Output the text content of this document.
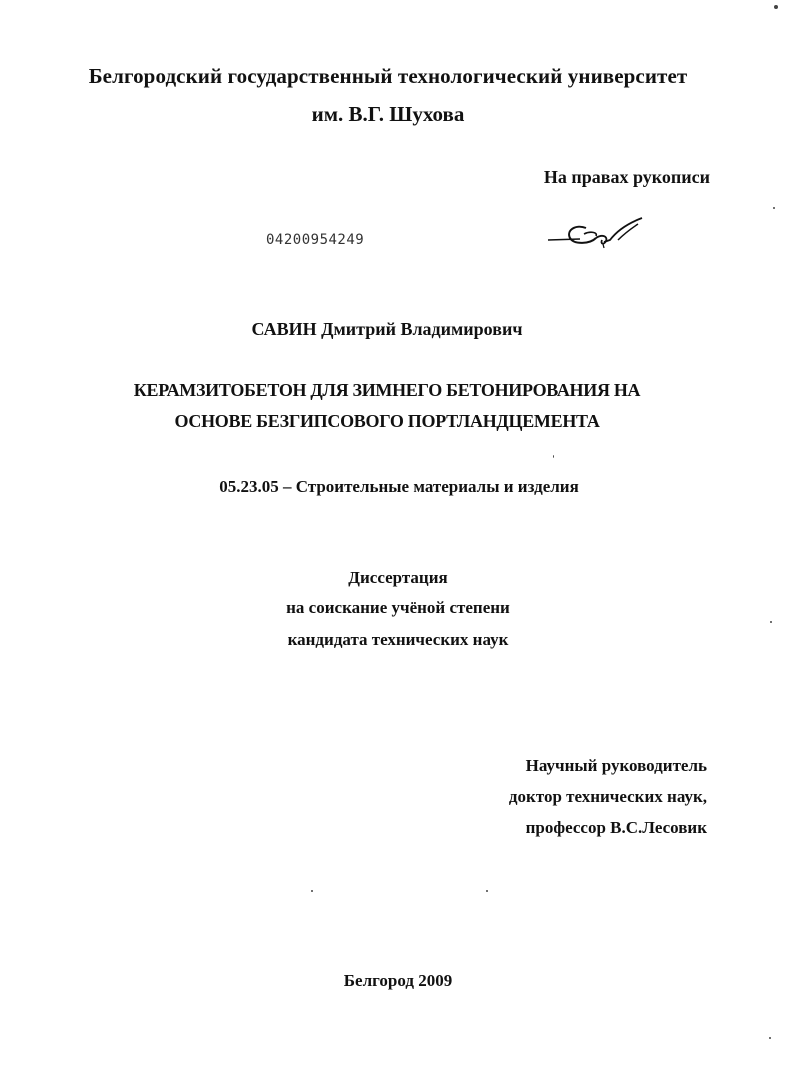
Белгородский государственный технологический университет
им. В.Г. Шухова
На правах рукописи
04200954249
САВИН Дмитрий Владимирович
КЕРАМЗИТОБЕТОН ДЛЯ ЗИМНЕГО БЕТОНИРОВАНИЯ НА
ОСНОВЕ БЕЗГИПСОВОГО ПОРТЛАНДЦЕМЕНТА
05.23.05 – Строительные материалы и изделия
Диссертация
на соискание учёной степени
кандидата технических наук
Научный руководитель
доктор технических наук,
профессор В.С.Лесовик
Белгород 2009
